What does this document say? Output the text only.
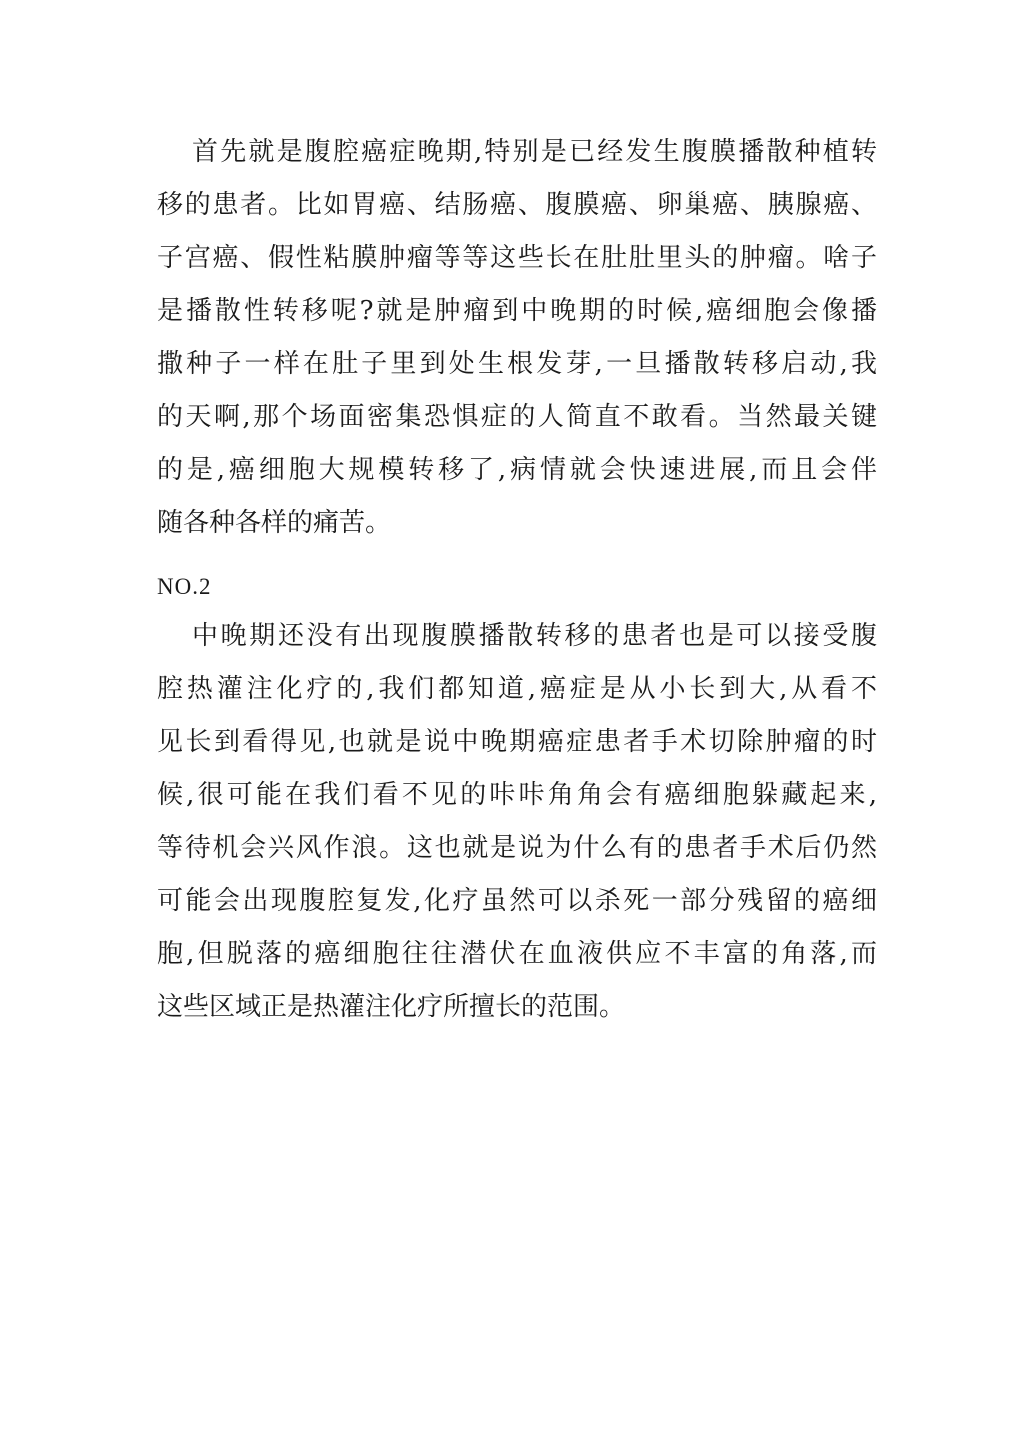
首先就是腹腔癌症晚期,特别是已经发生腹膜播散种植转
移的患者。比如胃癌、结肠癌、腹膜癌、卵巢癌、胰腺癌、
子宫癌、假性粘膜肿瘤等等这些长在肚肚里头的肿瘤。啥子
是播散性转移呢?就是肿瘤到中晚期的时候,癌细胞会像播
撒种子一样在肚子里到处生根发芽,一旦播散转移启动,我
的天啊,那个场面密集恐惧症的人简直不敢看。当然最关键
的是,癌细胞大规模转移了,病情就会快速进展,而且会伴
随各种各样的痛苦。
NO.2
中晚期还没有出现腹膜播散转移的患者也是可以接受腹
腔热灌注化疗的,我们都知道,癌症是从小长到大,从看不
见长到看得见,也就是说中晚期癌症患者手术切除肿瘤的时
候,很可能在我们看不见的咔咔角角会有癌细胞躲藏起来,
等待机会兴风作浪。这也就是说为什么有的患者手术后仍然
可能会出现腹腔复发,化疗虽然可以杀死一部分残留的癌细
胞,但脱落的癌细胞往往潜伏在血液供应不丰富的角落,而
这些区域正是热灌注化疗所擅长的范围。
